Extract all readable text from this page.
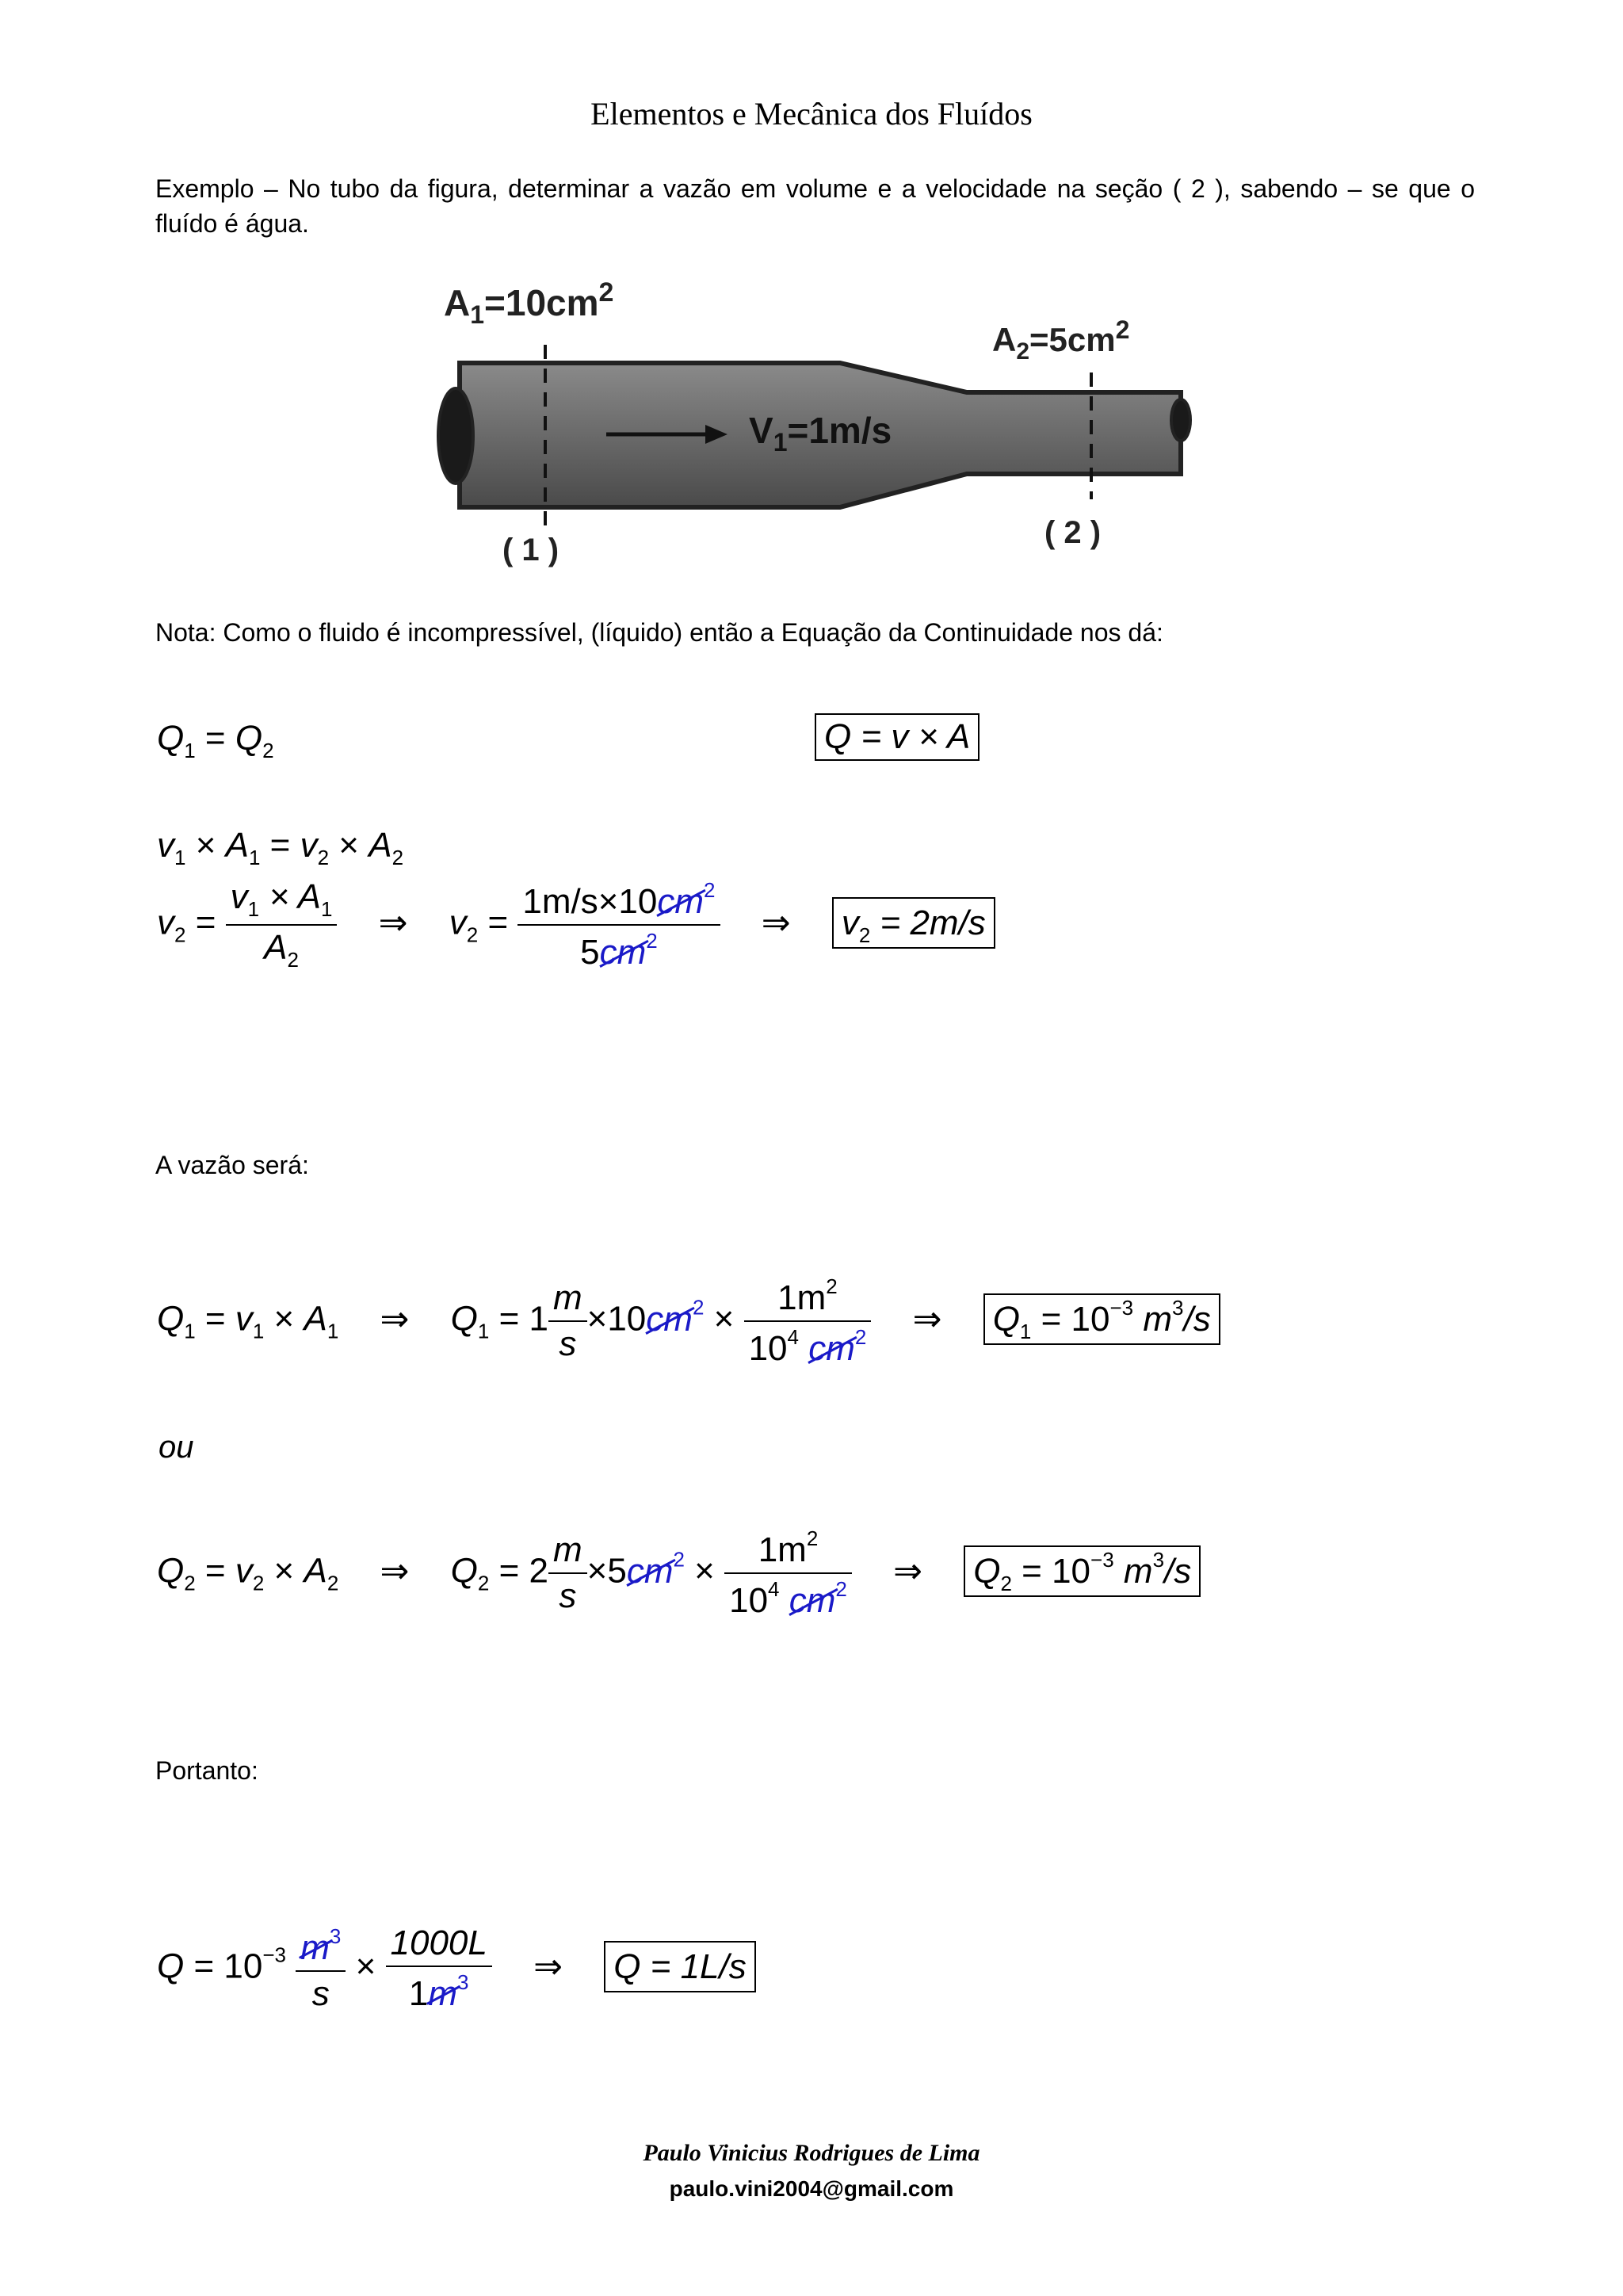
Elementos e Mecânica dos Fluídos
Exemplo – No tubo da figura, determinar a vazão em volume e a velocidade na seção ( 2 ), sabendo – se que o fluído é água.
$A_1=10cm^2$
$A_2=5cm^2$
$V_1=1m/s$
( 1 )	( 2 )
Nota: Como o fluido é incompressível, (líquido) então a Equação da Continuidade nos dá:
$Q_1 = Q_2$	Q = v × A
$v_1 \times A_1 = v_2 \times A_2$
$v_2 = \frac{v_1 \times A_1}{A_2}$ ⇒ $v_2 = \frac{1m/s\times 10cm^2}{5cm^2}$ ⇒ $v_2 = 2m/s$
A vazão será:
$Q_1 = v_1 \times A_1$ ⇒ $Q_1 = 1 \frac{m}{s} \times 10cm^2 \times \frac{1m^2}{10^4 cm^2}$ ⇒ $Q_1 = 10^{-3}$ $m^3/s$
ou
$Q_2 = v_2 \times A_2$ ⇒ $Q_2 = 2 \frac{m}{s} \times 5cm^2 \times \frac{1m^2}{10^4 cm^2}$ ⇒ $Q_2 = 10^{-3}$ $m^3/s$
Portanto:
$Q = 10^{-3} \frac{m^3}{s} \times \frac{1000L}{1m^3}$ ⇒ Q = 1L/s
Paulo Vinicius Rodrigues de Lima
paulo.vini2004@gmail.com
